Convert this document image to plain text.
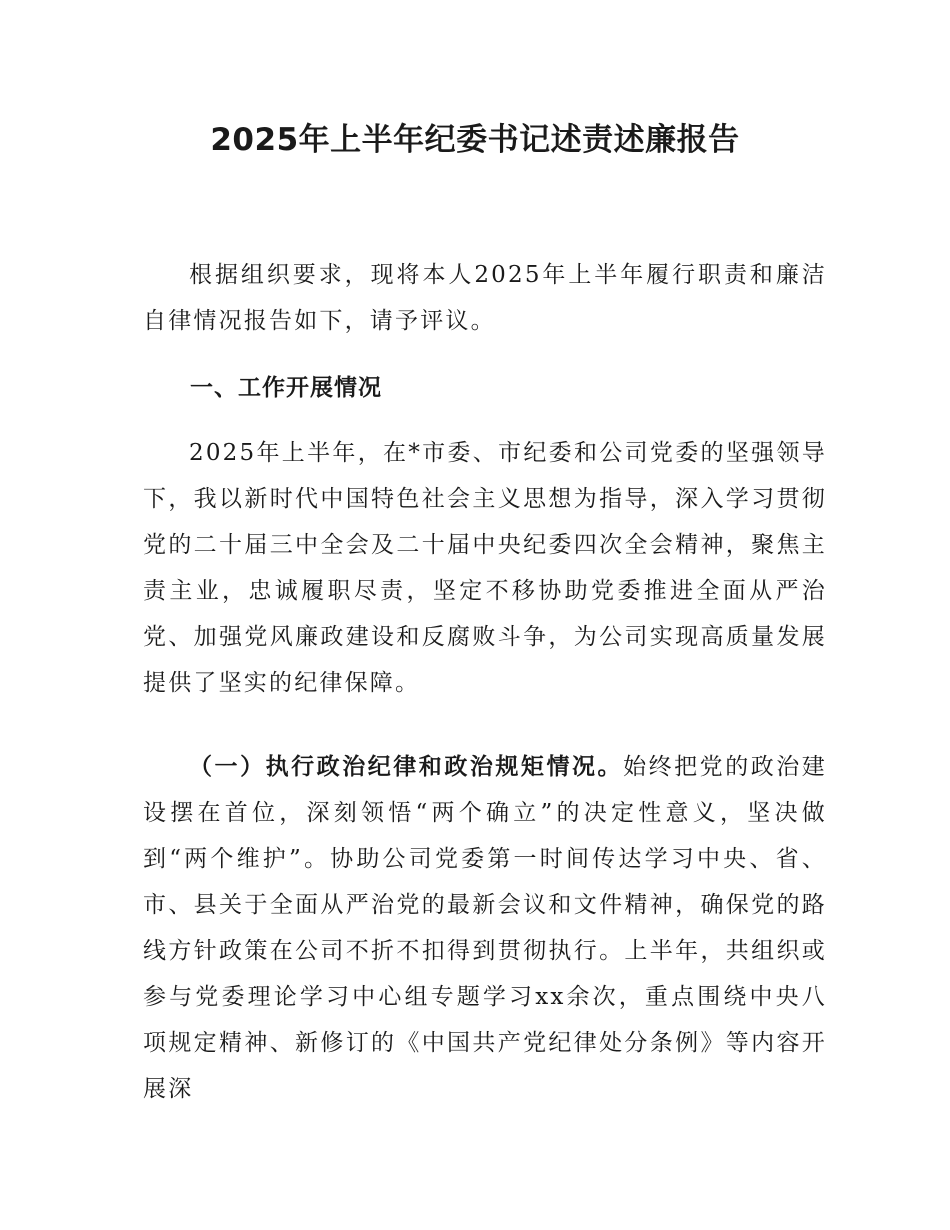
2025年上半年纪委书记述责述廉报告

根据组织要求，现将本人2025年上半年履行职责和廉洁自律情况报告如下，请予评议。

一、工作开展情况

2025年上半年，在*市委、市纪委和公司党委的坚强领导下，我以新时代中国特色社会主义思想为指导，深入学习贯彻党的二十届三中全会及二十届中央纪委四次全会精神，聚焦主责主业，忠诚履职尽责，坚定不移协助党委推进全面从严治党、加强党风廉政建设和反腐败斗争，为公司实现高质量发展提供了坚实的纪律保障。

（一）执行政治纪律和政治规矩情况。始终把党的政治建设摆在首位，深刻领悟“两个确立”的决定性意义，坚决做到“两个维护”。协助公司党委第一时间传达学习中央、省、市、县关于全面从严治党的最新会议和文件精神，确保党的路线方针政策在公司不折不扣得到贯彻执行。上半年，共组织或参与党委理论学习中心组专题学习xx余次，重点围绕中央八项规定精神、新修订的《中国共产党纪律处分条例》等内容开展深
